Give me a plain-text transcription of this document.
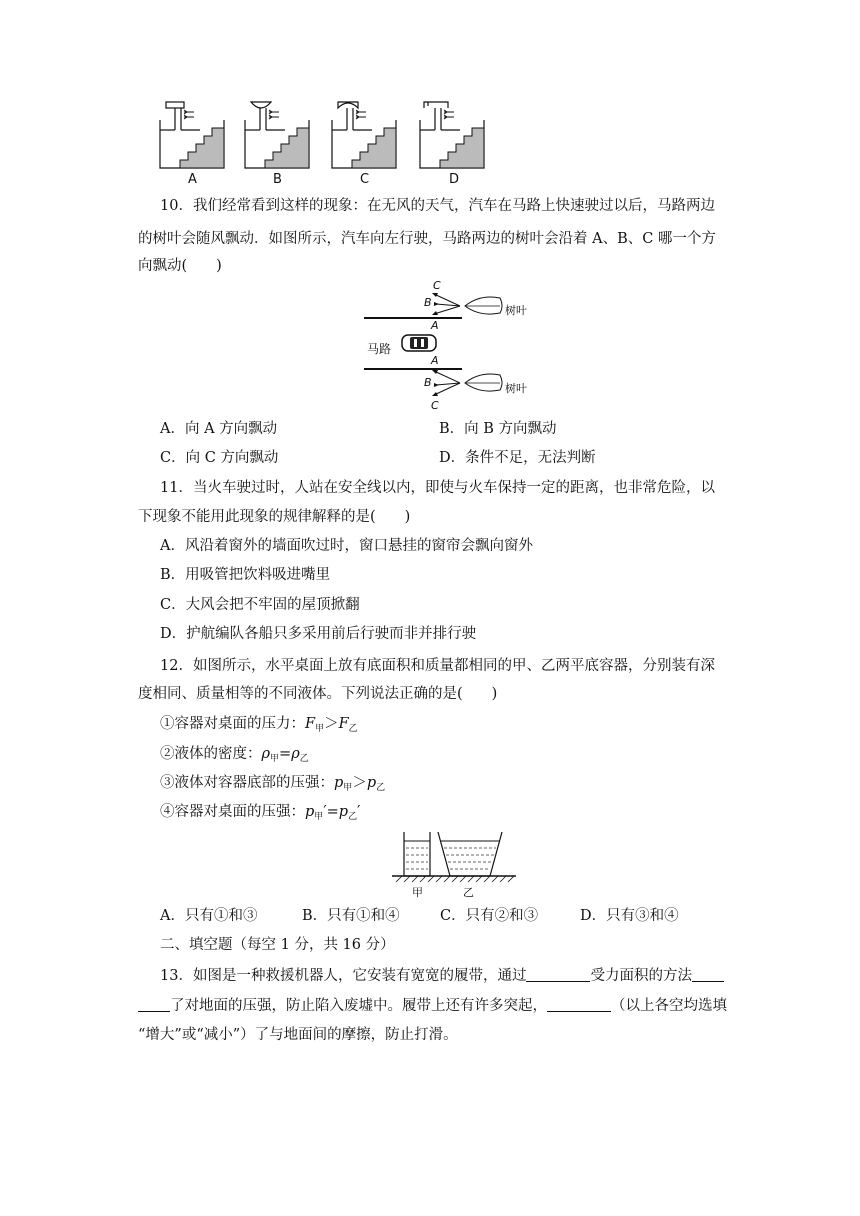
A	B	C	D
10．我们经常看到这样的现象：在无风的天气，汽车在马路上快速驶过以后，马路两边
的树叶会随风飘动．如图所示，汽车向左行驶，马路两边的树叶会沿着 A、B、C 哪一个方
向飘动(　　)
C
B
A
树叶
马路
A
B	树叶
C
A．向 A 方向飘动	B．向 B 方向飘动
C．向 C 方向飘动	D．条件不足，无法判断
11．当火车驶过时，人站在安全线以内，即使与火车保持一定的距离，也非常危险，以
下现象不能用此现象的规律解释的是(　　)
A．风沿着窗外的墙面吹过时，窗口悬挂的窗帘会飘向窗外
B．用吸管把饮料吸进嘴里
C．大风会把不牢固的屋顶掀翻
D．护航编队各船只多采用前后行驶而非并排行驶
12．如图所示，水平桌面上放有底面积和质量都相同的甲、乙两平底容器，分别装有深
度相同、质量相等的不同液体。下列说法正确的是(　　)
①容器对桌面的压力：$F_甲>F_乙$
②液体的密度：$\rho_甲=\rho_乙$
③液体对容器底部的压强：$p_甲>p_乙$
④容器对桌面的压强：$p_甲'=p_乙'$
甲	乙
A．只有①和③	B．只有①和④	C．只有②和③	D．只有③和④
二、填空题（每空 1 分，共 16 分）
13．如图是一种救援机器人，它安装有宽宽的履带，通过	受力面积的方法
了对地面的压强，防止陷入废墟中。履带上还有许多突起，	（以上各空均选填
“增大”或“减小”）了与地面间的摩擦，防止打滑。
